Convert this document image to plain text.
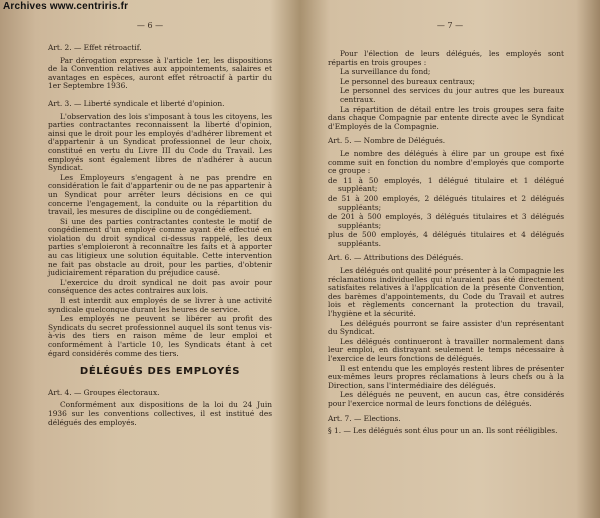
Archives www.centriris.fr
— 6 —
Art. 2. — Effet rétroactif.

Par dérogation expresse à l'article 1er, les dispositions de la Convention relatives aux appointements, salaires et avantages en espèces, auront effet rétroactif à partir du 1er Septembre 1936.

Art. 3. — Liberté syndicale et liberté d'opinion.

L'observation des lois s'imposant à tous les citoyens, les parties contractantes reconnaissent la liberté d'opinion, ainsi que le droit pour les employés d'adhérer librement et d'appartenir à un Syndicat professionnel de leur choix, constitué en vertu du Livre III du Code du Travail. Les employés sont également libres de n'adhérer à aucun Syndicat.

Les Employeurs s'engagent à ne pas prendre en considération le fait d'appartenir ou de ne pas appartenir à un Syndicat pour arrêter leurs décisions en ce qui concerne l'engagement, la conduite ou la répartition du travail, les mesures de discipline ou de congédiement.

Si une des parties contractantes conteste le motif de congédiement d'un employé comme ayant été effectué en violation du droit syndical ci-dessus rappelé, les deux parties s'emploieront à reconnaître les faits et à apporter au cas litigieux une solution équitable. Cette intervention ne fait pas obstacle au droit, pour les parties, d'obtenir judiciairement réparation du préjudice causé.

L'exercice du droit syndical ne doit pas avoir pour conséquence des actes contraires aux lois.

Il est interdit aux employés de se livrer à une activité syndicale quelconque durant les heures de service.

Les employés ne peuvent se libérer au profit des Syndicats du secret professionnel auquel ils sont tenus vis-à-vis des tiers en raison même de leur emploi et conformément à l'article 10, les Syndicats étant à cet égard considérés comme des tiers.

DÉLÉGUÉS DES EMPLOYÉS
Art. 4. — Groupes électoraux.

Conformément aux dispositions de la loi du 24 Juin 1936 sur les conventions collectives, il est institué des délégués des employés.

— 7 —

Pour l'élection de leurs délégués, les employés sont répartis en trois groupes :

La surveillance du fond;

Le personnel des bureaux centraux;

Le personnel des services du jour autres que les bureaux centraux.

La répartition de détail entre les trois groupes sera faite dans chaque Compagnie par entente directe avec le Syndicat d'Employés de la Compagnie.

Art. 5. — Nombre de Délégués.

Le nombre des délégués à élire par un groupe est fixé comme suit en fonction du nombre d'employés que comporte ce groupe :

de 11 à 50 employés, 1 délégué titulaire et 1 délégué suppléant;

de 51 à 200 employés, 2 délégués titulaires et 2 délégués suppléants;

de 201 à 500 employés, 3 délégués titulaires et 3 délégués suppléants;

plus de 500 employés, 4 délégués titulaires et 4 délégués suppléants.

Art. 6. — Attributions des Délégués.

Les délégués ont qualité pour présenter à la Compagnie les réclamations individuelles qui n'auraient pas été directement satisfaites relatives à l'application de la présente Convention, des barèmes d'appointements, du Code du Travail et autres lois et règlements concernant la protection du travail, l'hygiène et la sécurité.

Les délégués pourront se faire assister d'un représentant du Syndicat.

Les délégués continueront à travailler normalement dans leur emploi, en distrayant seulement le temps nécessaire à l'exercice de leurs fonctions de délégués.

Il est entendu que les employés restent libres de présenter eux-mêmes leurs propres réclamations à leurs chefs ou à la Direction, sans l'intermédiaire des délégués.

Les délégués ne peuvent, en aucun cas, être considérés pour l'exercice normal de leurs fonctions de délégués.

Art. 7. — Elections.

§ 1. — Les délégués sont élus pour un an. Ils sont rééligibles.
